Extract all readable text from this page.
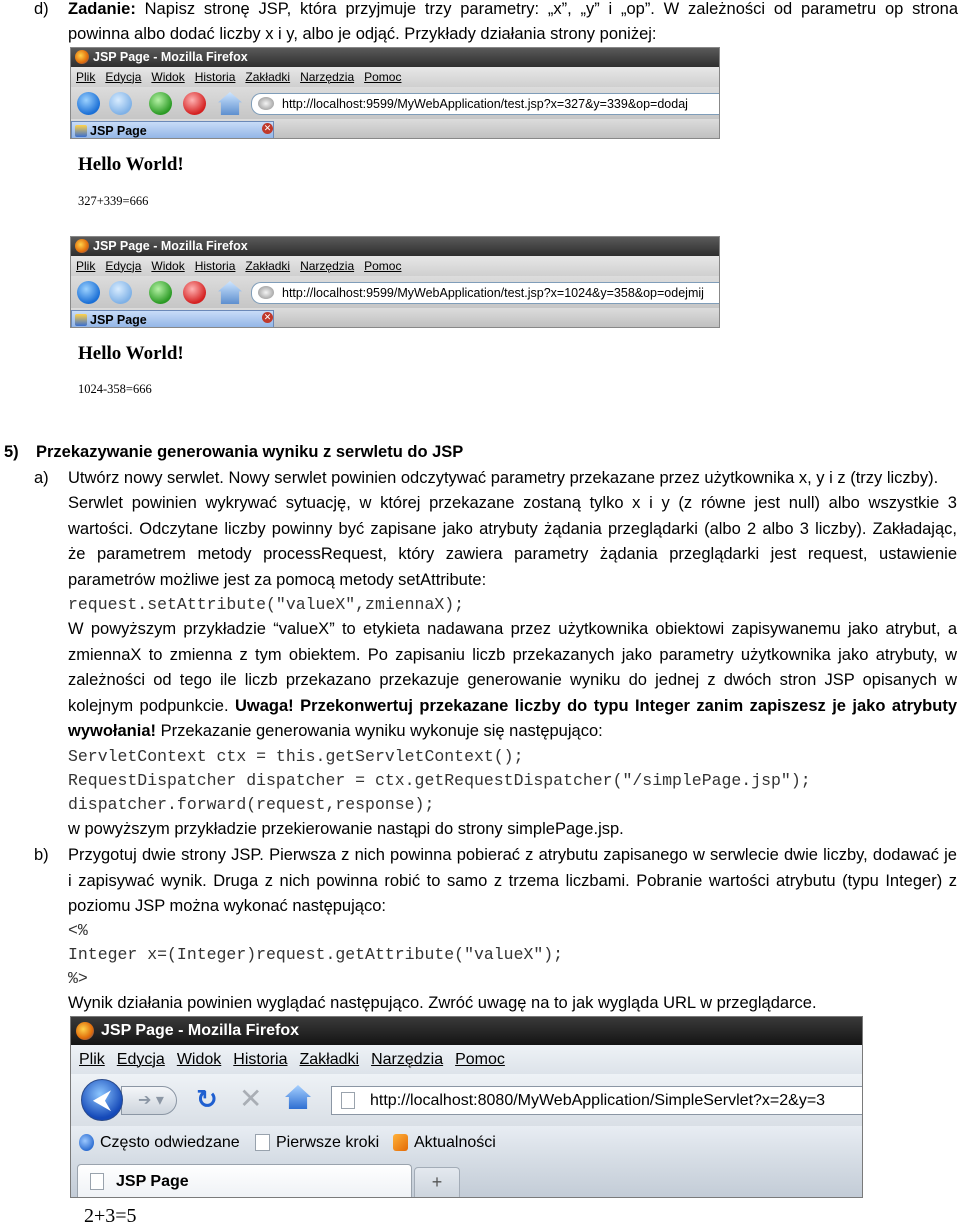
d) Zadanie: Napisz stronę JSP, która przyjmuje trzy parametry: „x”, „y” i „op”. W zależności od parametru op strona
powinna albo dodać liczby x i y, albo je odjąć. Przykłady działania strony poniżej:
JSP Page - Mozilla Firefox
Plik Edycja Widok Historia Zakładki Narzędzia Pomoc
http://localhost:9599/MyWebApplication/test.jsp?x=327&y=339&op=dodaj
JSP Page	✕
Hello World!
327+339=666
JSP Page - Mozilla Firefox
Plik Edycja Widok Historia Zakładki Narzędzia Pomoc
http://localhost:9599/MyWebApplication/test.jsp?x=1024&y=358&op=odejmij
JSP Page	✕
Hello World!
1024-358=666
5) Przekazywanie generowania wyniku z serwletu do JSP
a) Utwórz nowy serwlet. Nowy serwlet powinien odczytywać parametry przekazane przez użytkownika x, y i z (trzy liczby).
Serwlet powinien wykrywać sytuację, w której przekazane zostaną tylko x i y (z równe jest null) albo wszystkie 3
wartości. Odczytane liczby powinny być zapisane jako atrybuty żądania przeglądarki (albo 2 albo 3 liczby). Zakładając,
że parametrem metody processRequest, który zawiera parametry żądania przeglądarki jest request, ustawienie
parametrów możliwe jest za pomocą metody setAttribute:
request.setAttribute("valueX",zmiennaX);
W powyższym przykładzie “valueX” to etykieta nadawana przez użytkownika obiektowi zapisywanemu jako atrybut, a
zmiennaX to zmienna z tym obiektem. Po zapisaniu liczb przekazanych jako parametry użytkownika jako atrybuty, w
zależności od tego ile liczb przekazano przekazuje generowanie wyniku do jednej z dwóch stron JSP opisanych w
kolejnym podpunkcie. Uwaga! Przekonwertuj przekazane liczby do typu Integer zanim zapiszesz je jako atrybuty
wywołania! Przekazanie generowania wyniku wykonuje się następująco:
ServletContext ctx = this.getServletContext();
RequestDispatcher dispatcher = ctx.getRequestDispatcher("/simplePage.jsp");
dispatcher.forward(request,response);
w powyższym przykładzie przekierowanie nastąpi do strony simplePage.jsp.
b) Przygotuj dwie strony JSP. Pierwsza z nich powinna pobierać z atrybutu zapisanego w serwlecie dwie liczby, dodawać je
i zapisywać wynik. Druga z nich powinna robić to samo z trzema liczbami. Pobranie wartości atrybutu (typu Integer) z
poziomu JSP można wykonać następująco:
<%
Integer x=(Integer)request.getAttribute("valueX");
%>
Wynik działania powinien wyglądać następująco. Zwróć uwagę na to jak wygląda URL w przeglądarce.
JSP Page - Mozilla Firefox
Plik Edycja Widok Historia Zakładki Narzędzia Pomoc
➔ ▾
⮜	↻ ✕	http://localhost:8080/MyWebApplication/SimpleServlet?x=2&y=3
Często odwiedzane Pierwsze kroki Aktualności
JSP Page	+
2+3=5
